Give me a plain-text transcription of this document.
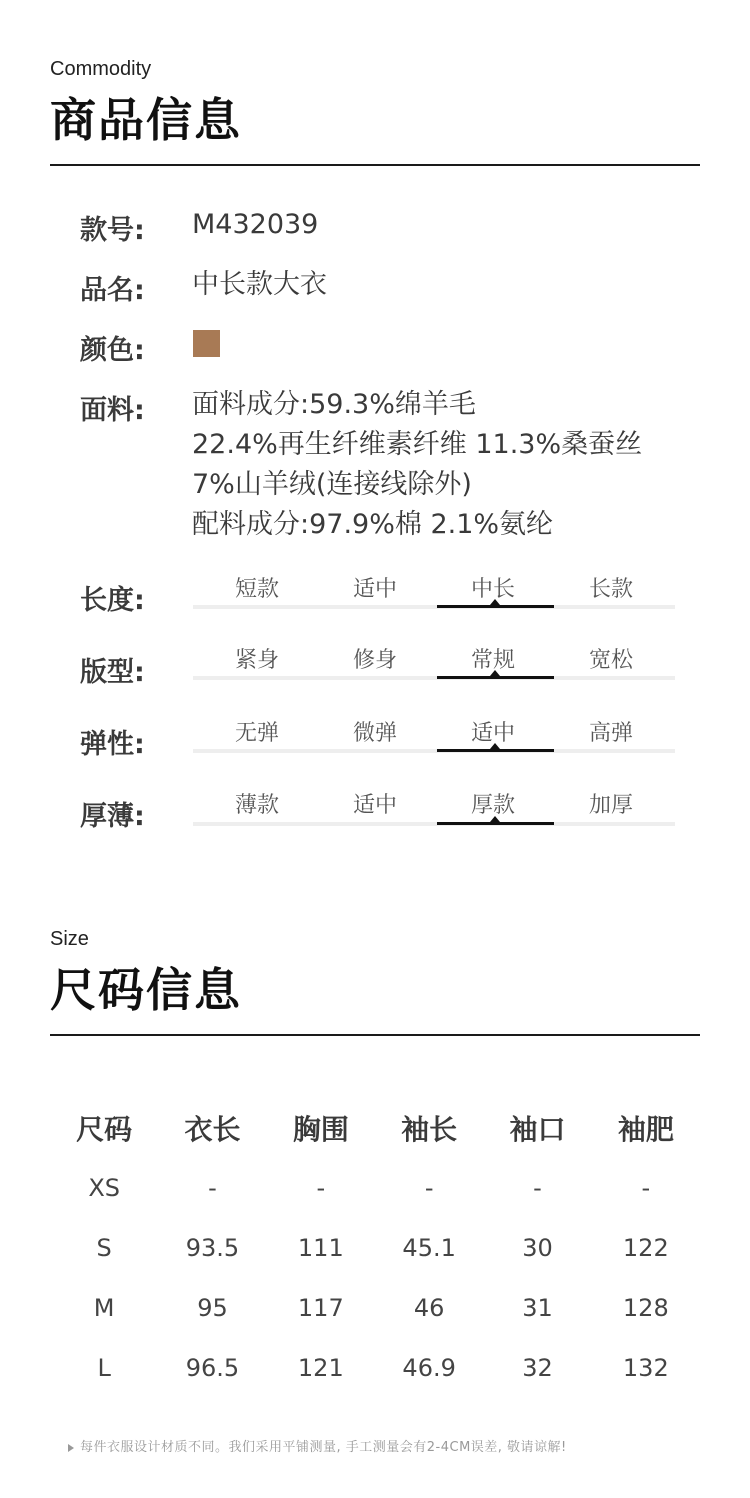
Commodity
商品信息
款号: M432039
品名: 中长款大衣
颜色:
面料: 面料成分:59.3%绵羊毛
22.4%再生纤维素纤维 11.3%桑蚕丝
7%山羊绒(连接线除外)
配料成分:97.9%棉 2.1%氨纶
长度:	短款	适中	中长	长款
版型:	紧身	修身	常规	宽松
弹性:	无弹	微弹	适中	高弹
厚薄:	薄款	适中	厚款	加厚
Size
尺码信息
尺码	衣长	胸围	袖长	袖口	袖肥
XS	-	-	-	-	-
S	93.5	111	45.1	30	122
M	95	117	46	31	128
L	96.5	121	46.9	32	132
每件衣服设计材质不同。我们采用平铺测量, 手工测量会有2-4CM误差, 敬请谅解!
